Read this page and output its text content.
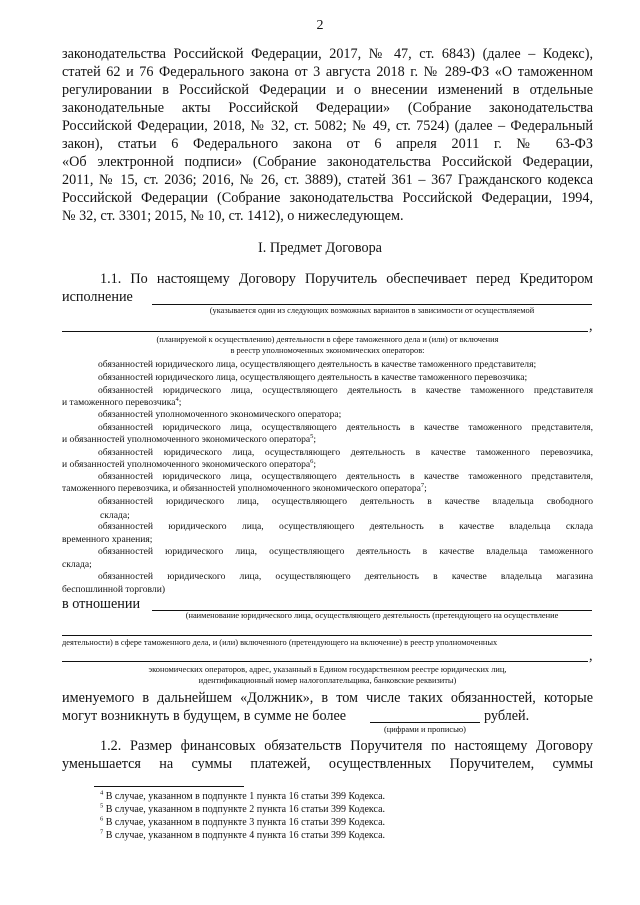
2
законодательства Российской Федерации, 2017, № 47, ст. 6843) (далее – Кодекс),
статей 62 и 76 Федерального закона от 3 августа 2018 г. № 289-ФЗ «О таможенном
регулировании в Российской Федерации и о внесении изменений в отдельные
законодательные акты Российской Федерации» (Собрание законодательства
Российской Федерации, 2018, № 32, ст. 5082; № 49, ст. 7524) (далее – Федеральный
закон), статьи 6 Федерального закона от 6 апреля 2011 г. № 63-ФЗ
«Об электронной подписи» (Собрание законодательства Российской Федерации,
2011, № 15, ст. 2036; 2016, № 26, ст. 3889), статей 361 – 367 Гражданского кодекса
Российской Федерации (Собрание законодательства Российской Федерации, 1994,
№ 32, ст. 3301; 2015, № 10, ст. 1412), о нижеследующем.
I. Предмет Договора
1.1. По настоящему Договору Поручитель обеспечивает перед Кредитором
исполнение
(указывается один из следующих возможных вариантов в зависимости от осуществляемой
,
(планируемой к осуществлению) деятельности в сфере таможенного дела и (или) от включения
в реестр уполномоченных экономических операторов:
обязанностей юридического лица, осуществляющего деятельность в качестве таможенного представителя;
обязанностей юридического лица, осуществляющего деятельность в качестве таможенного перевозчика;
обязанностей юридического лица, осуществляющего деятельность в качестве таможенного представителя
и таможенного перевозчика$^4$;
обязанностей уполномоченного экономического оператора;
обязанностей юридического лица, осуществляющего деятельность в качестве таможенного представителя,
и обязанностей уполномоченного экономического оператора$^5$;
обязанностей юридического лица, осуществляющего деятельность в качестве таможенного перевозчика,
и обязанностей уполномоченного экономического оператора$^6$;
обязанностей юридического лица, осуществляющего деятельность в качестве таможенного представителя,
таможенного перевозчика, и обязанностей уполномоченного экономического оператора$^7$;
обязанностей юридического лица, осуществляющего деятельность в качестве владельца свободного
склада;
обязанностей юридического лица, осуществляющего деятельность в качестве владельца склада
временного хранения;
обязанностей юридического лица, осуществляющего деятельность в качестве владельца таможенного
склада;
обязанностей юридического лица, осуществляющего деятельность в качестве владельца магазина
беспошлинной торговли)
в отношении
(наименование юридического лица, осуществляющего деятельность (претендующего на осуществление
деятельности) в сфере таможенного дела, и (или) включенного (претендующего на включение) в реестр уполномоченных
,
экономических операторов, адрес, указанный в Едином государственном реестре юридических лиц,
идентификационный номер налогоплательщика, банковские реквизиты)
именуемого в дальнейшем «Должник», в том числе таких обязанностей, которые
могут возникнуть в будущем, в сумме не более	рублей.
(цифрами и прописью)
1.2. Размер финансовых обязательств Поручителя по настоящему Договору
уменьшается на суммы платежей, осуществленных Поручителем, суммы
$^4$ В случае, указанном в подпункте 1 пункта 16 статьи 399 Кодекса.
$^5$ В случае, указанном в подпункте 2 пункта 16 статьи 399 Кодекса.
$^6$ В случае, указанном в подпункте 3 пункта 16 статьи 399 Кодекса.
$^7$ В случае, указанном в подпункте 4 пункта 16 статьи 399 Кодекса.
